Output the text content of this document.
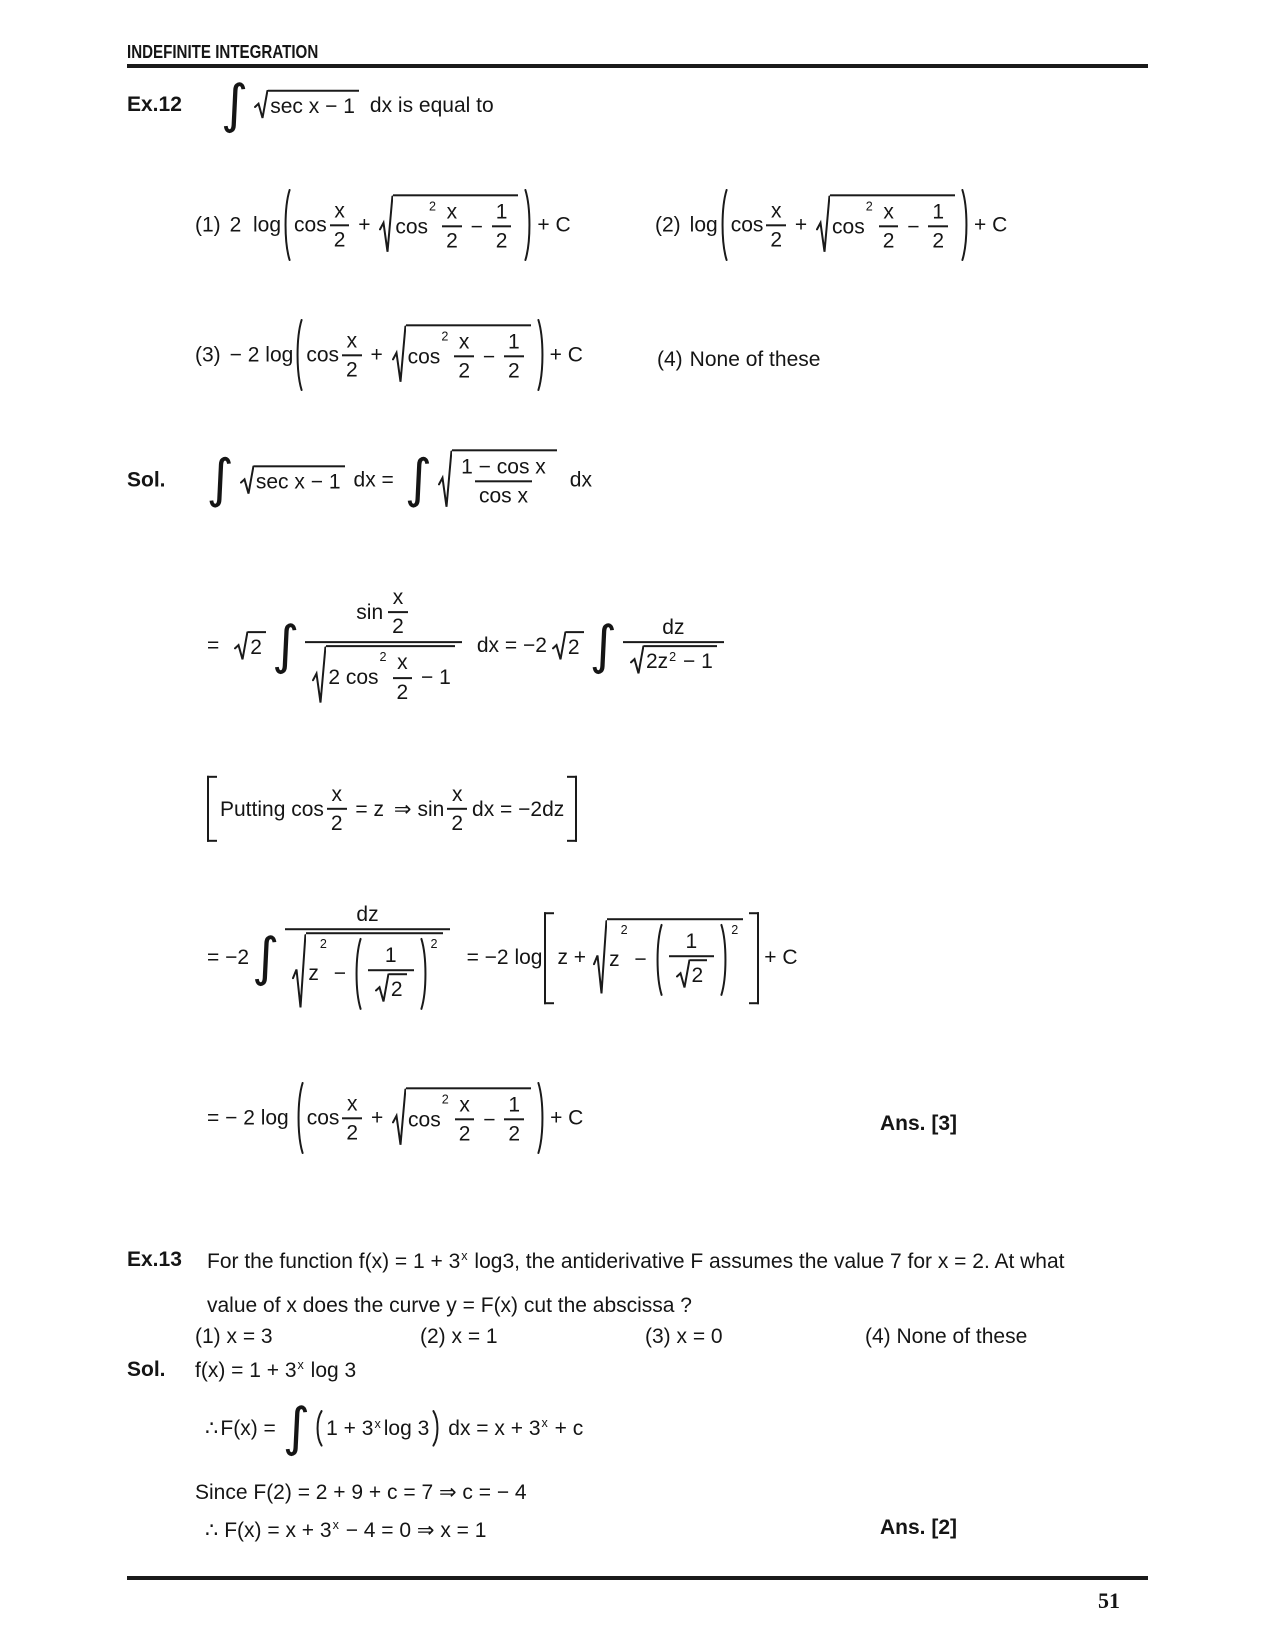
INDEFINITE INTEGRATION
Ex.12 ∫ sec x − 1 dx is equal to
(1) 2  $\log \cos \frac{x}{2} + \cos$
$2 \frac{x}{2} - \frac{1}{2} + C$	(2) $\log \cos \frac{x}{2} + \cos$
$2 \frac{x}{2} - \frac{1}{2} + C$
(3) − 2 $\log \cos \frac{x}{2} + \cos$
$2 \frac{x}{2} - \frac{1}{2} + C$	(4) None of these
Sol. ∫ sec x − 1 dx = ∫ $\frac{\text{1 − cos x}}{\text{cos x}}$ dx
= 2 ∫ $\sin \frac{x}{2}$
2 cos
$2 \frac{x}{2} - 1$ dx = −2 2 ∫ $\frac{dz}{2z 2 - 1}$
Putting $\cos \frac{x}{2} = z$ ⇒ $\sin \frac{x}{2}$ dx = −2dz
= −2 ∫ dz
z
2
− $\frac{1}{2} 2 = -2$ log z + z
2
− $\frac{1}{2} 2$
+ C
= − 2 $\log \cos \frac{x}{2} + \cos$
$2 \frac{x}{2} - \frac{1}{2} + C$	Ans. [3]
Ex.13 For the function $f(x) = 1 + 3^x$ log3, the antiderivative F assumes the value 7 for x = 2. At what
value of x does the curve y = F(x) cut the abscissa ?
(1) x = 3	(2) x = 1	(3) x = 0	(4) None of these
Sol. $f(x) = 1 + 3^x$ log 3
∴ F(x) = ∫ 1 + 3 x log 3 dx = $x + 3^x + c$
Since F(2) = 2 + 9 + c = 7 ⇒ c = − 4
∴ $F(x) = x + 3^x - 4 = 0$ ⇒ x = 1	Ans. [2]
51
